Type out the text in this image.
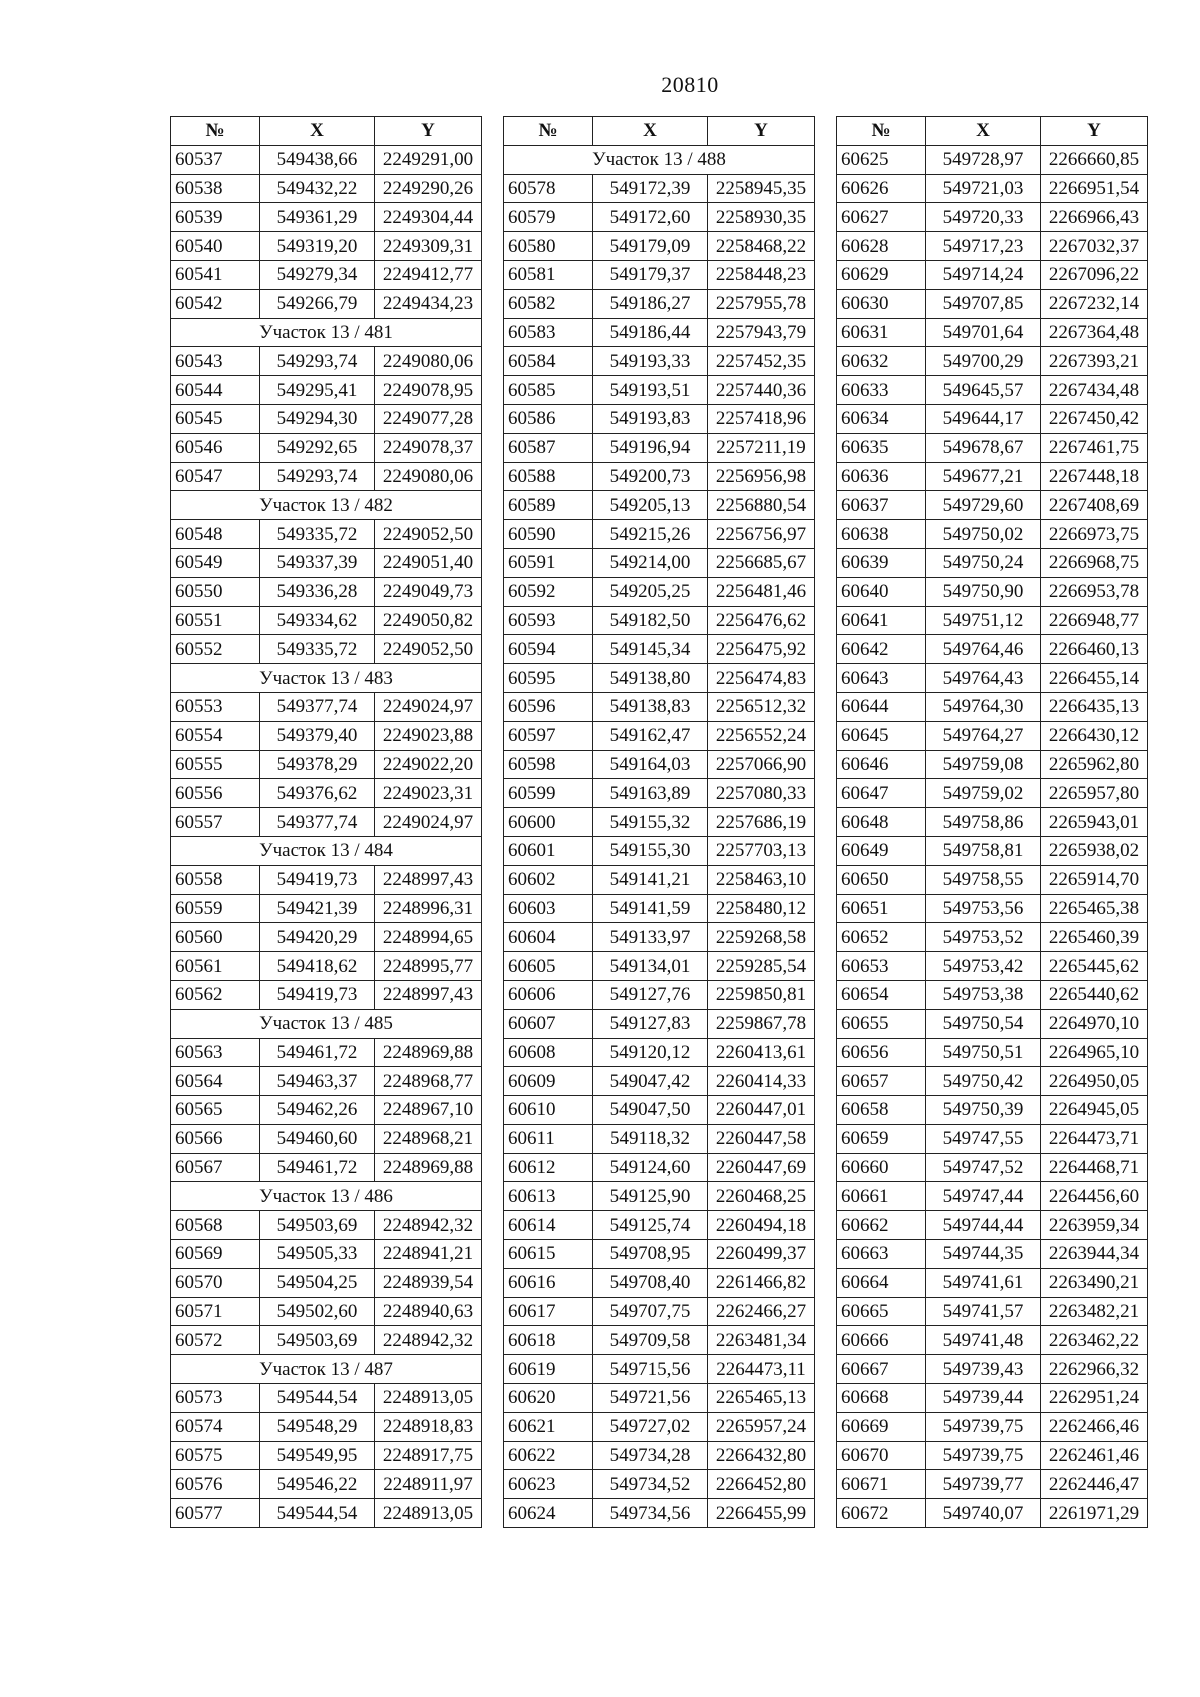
20810
№	X	Y
60537	549438,66	2249291,00
60538	549432,22	2249290,26
60539	549361,29	2249304,44
60540	549319,20	2249309,31
60541	549279,34	2249412,77
60542	549266,79	2249434,23
Участок 13 / 481		
60543	549293,74	2249080,06
60544	549295,41	2249078,95
60545	549294,30	2249077,28
60546	549292,65	2249078,37
60547	549293,74	2249080,06
Участок 13 / 482		
60548	549335,72	2249052,50
60549	549337,39	2249051,40
60550	549336,28	2249049,73
60551	549334,62	2249050,82
60552	549335,72	2249052,50
Участок 13 / 483		
60553	549377,74	2249024,97
60554	549379,40	2249023,88
60555	549378,29	2249022,20
60556	549376,62	2249023,31
60557	549377,74	2249024,97
Участок 13 / 484		
60558	549419,73	2248997,43
60559	549421,39	2248996,31
60560	549420,29	2248994,65
60561	549418,62	2248995,77
60562	549419,73	2248997,43
Участок 13 / 485		
60563	549461,72	2248969,88
60564	549463,37	2248968,77
60565	549462,26	2248967,10
60566	549460,60	2248968,21
60567	549461,72	2248969,88
Участок 13 / 486		
60568	549503,69	2248942,32
60569	549505,33	2248941,21
60570	549504,25	2248939,54
60571	549502,60	2248940,63
60572	549503,69	2248942,32
Участок 13 / 487		
60573	549544,54	2248913,05
60574	549548,29	2248918,83
60575	549549,95	2248917,75
60576	549546,22	2248911,97
60577	549544,54	2248913,05
№	X	Y
Участок 13 / 488		
60578	549172,39	2258945,35
60579	549172,60	2258930,35
60580	549179,09	2258468,22
60581	549179,37	2258448,23
60582	549186,27	2257955,78
60583	549186,44	2257943,79
60584	549193,33	2257452,35
60585	549193,51	2257440,36
60586	549193,83	2257418,96
60587	549196,94	2257211,19
60588	549200,73	2256956,98
60589	549205,13	2256880,54
60590	549215,26	2256756,97
60591	549214,00	2256685,67
60592	549205,25	2256481,46
60593	549182,50	2256476,62
60594	549145,34	2256475,92
60595	549138,80	2256474,83
60596	549138,83	2256512,32
60597	549162,47	2256552,24
60598	549164,03	2257066,90
60599	549163,89	2257080,33
60600	549155,32	2257686,19
60601	549155,30	2257703,13
60602	549141,21	2258463,10
60603	549141,59	2258480,12
60604	549133,97	2259268,58
60605	549134,01	2259285,54
60606	549127,76	2259850,81
60607	549127,83	2259867,78
60608	549120,12	2260413,61
60609	549047,42	2260414,33
60610	549047,50	2260447,01
60611	549118,32	2260447,58
60612	549124,60	2260447,69
60613	549125,90	2260468,25
60614	549125,74	2260494,18
60615	549708,95	2260499,37
60616	549708,40	2261466,82
60617	549707,75	2262466,27
60618	549709,58	2263481,34
60619	549715,56	2264473,11
60620	549721,56	2265465,13
60621	549727,02	2265957,24
60622	549734,28	2266432,80
60623	549734,52	2266452,80
60624	549734,56	2266455,99
№	X	Y
60625	549728,97	2266660,85
60626	549721,03	2266951,54
60627	549720,33	2266966,43
60628	549717,23	2267032,37
60629	549714,24	2267096,22
60630	549707,85	2267232,14
60631	549701,64	2267364,48
60632	549700,29	2267393,21
60633	549645,57	2267434,48
60634	549644,17	2267450,42
60635	549678,67	2267461,75
60636	549677,21	2267448,18
60637	549729,60	2267408,69
60638	549750,02	2266973,75
60639	549750,24	2266968,75
60640	549750,90	2266953,78
60641	549751,12	2266948,77
60642	549764,46	2266460,13
60643	549764,43	2266455,14
60644	549764,30	2266435,13
60645	549764,27	2266430,12
60646	549759,08	2265962,80
60647	549759,02	2265957,80
60648	549758,86	2265943,01
60649	549758,81	2265938,02
60650	549758,55	2265914,70
60651	549753,56	2265465,38
60652	549753,52	2265460,39
60653	549753,42	2265445,62
60654	549753,38	2265440,62
60655	549750,54	2264970,10
60656	549750,51	2264965,10
60657	549750,42	2264950,05
60658	549750,39	2264945,05
60659	549747,55	2264473,71
60660	549747,52	2264468,71
60661	549747,44	2264456,60
60662	549744,44	2263959,34
60663	549744,35	2263944,34
60664	549741,61	2263490,21
60665	549741,57	2263482,21
60666	549741,48	2263462,22
60667	549739,43	2262966,32
60668	549739,44	2262951,24
60669	549739,75	2262466,46
60670	549739,75	2262461,46
60671	549739,77	2262446,47
60672	549740,07	2261971,29
